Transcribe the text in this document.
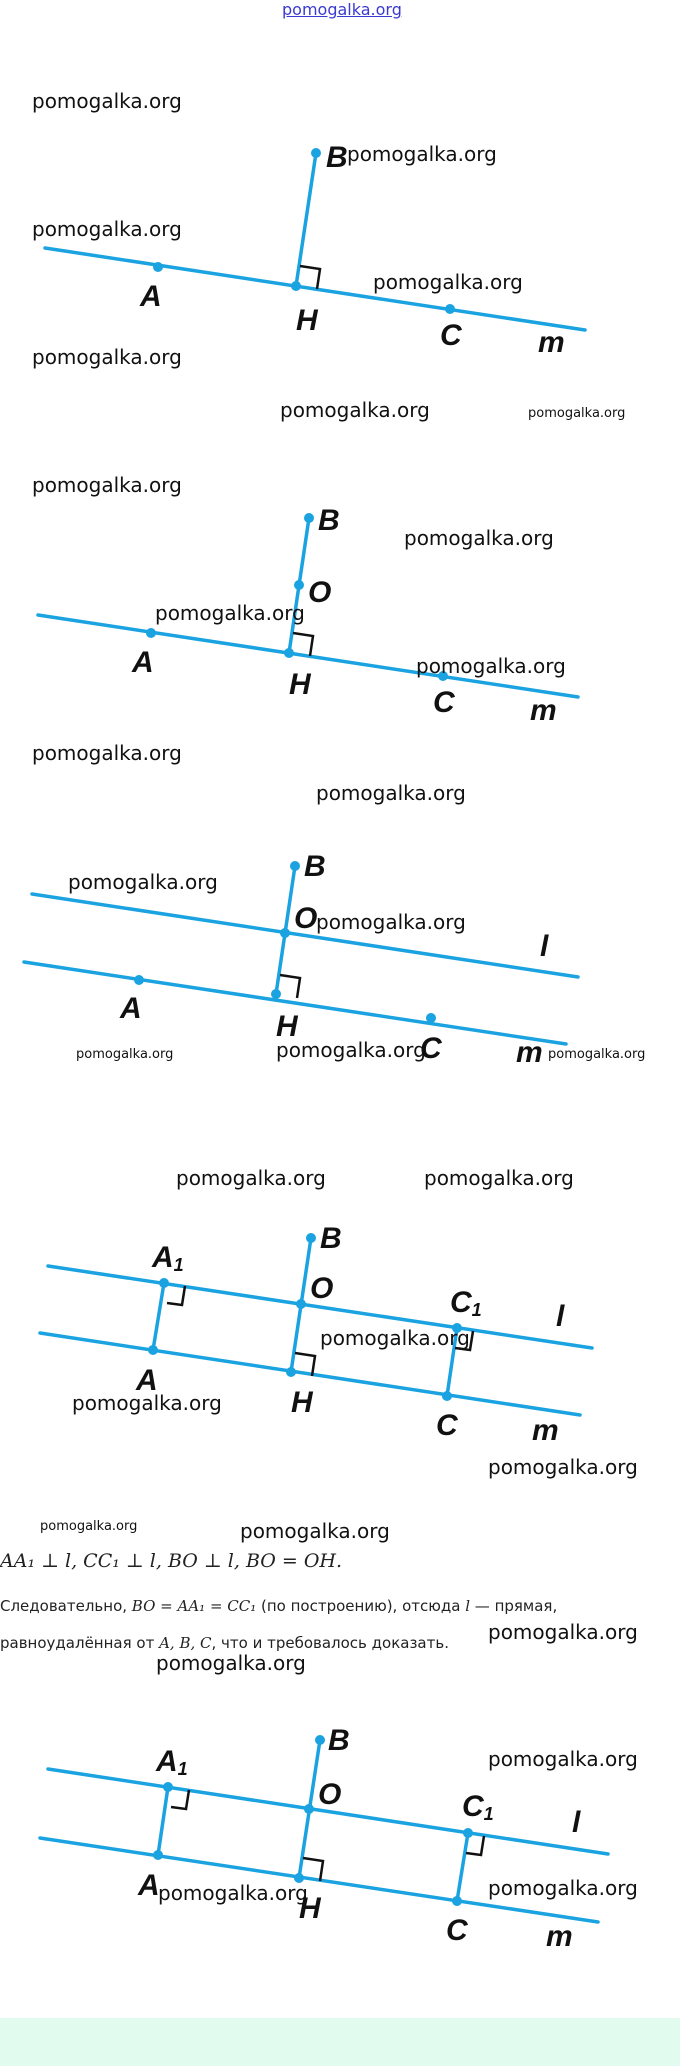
pomogalka.org
B
A
H	C	m
B
O
A
H
C	m
B
O
l
A
H
C m
A1
B
O	C1 l
A
H
C m
AA₁ ⊥ l, CC₁ ⊥ l, BO ⊥ l, BO = OH.
Следовательно, BO = AA₁ = CC₁ (по построению), отсюда l — прямая,
равноудалённая от A, B, C, что и требовалось доказать.
A1
B
O	C1	l
A
H
C	m
pomogalka.org
pomogalka.org
pomogalka.org
pomogalka.org
pomogalka.org
pomogalka.org	pomogalka.org
pomogalka.org
pomogalka.org
pomogalka.org
pomogalka.org
pomogalka.org
pomogalka.org
pomogalka.org
pomogalka.org
pomogalka.org	pomogalka.org	pomogalka.org
pomogalka.org	pomogalka.org
pomogalka.org
pomogalka.org
pomogalka.org
pomogalka.org	pomogalka.org
pomogalka.org
pomogalka.org
pomogalka.org
pomogalka.org	pomogalka.org
